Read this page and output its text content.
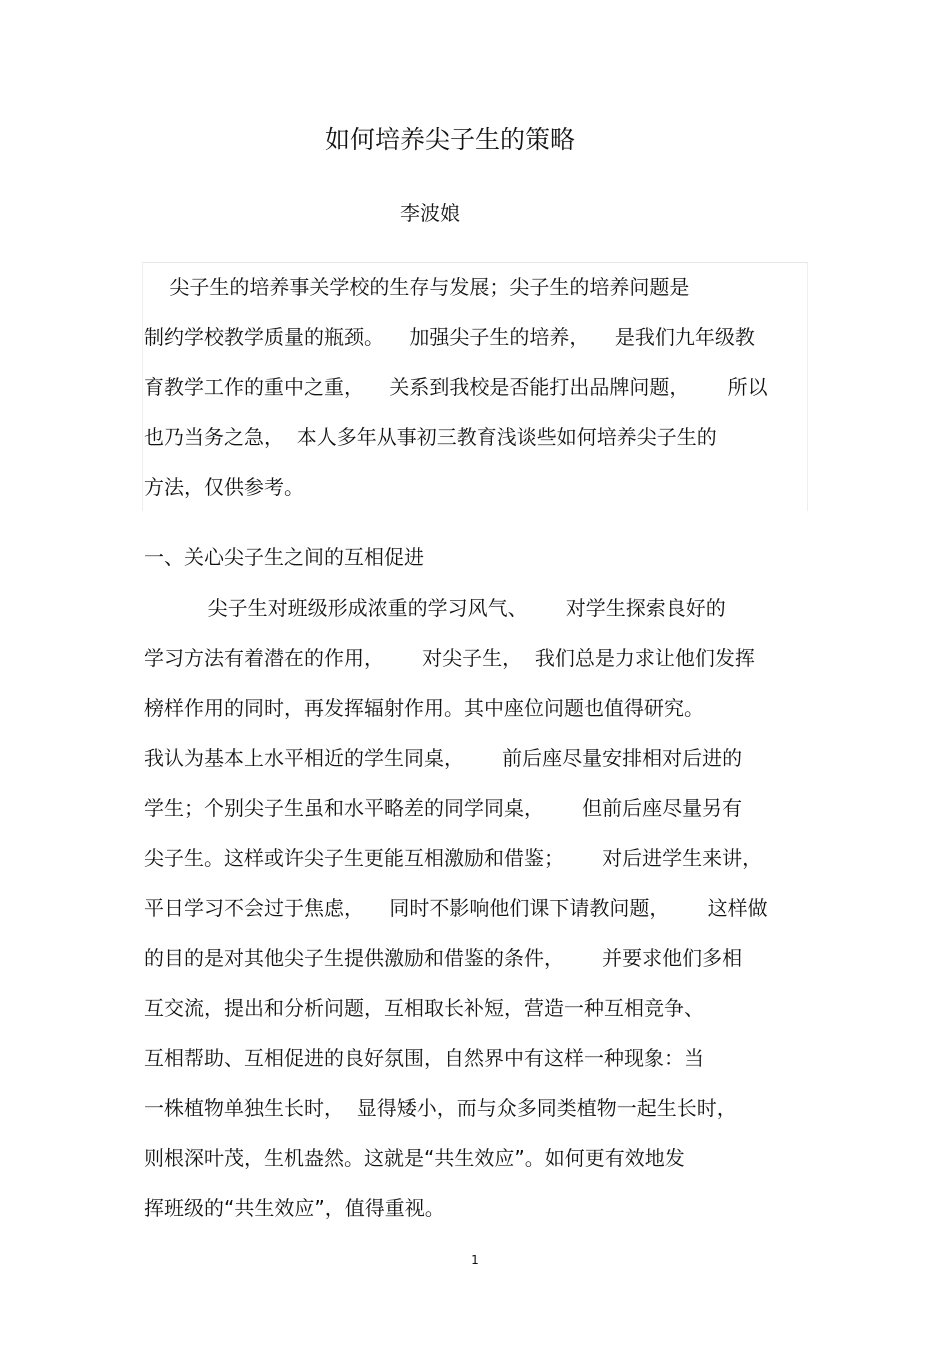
如何培养尖子生的策略
李波娘
尖子生的培养事关学校的生存与发展；尖子生的培养问题是
制约学校教学质量的瓶颈。    加强尖子生的培养，    是我们九年级教
育教学工作的重中之重，    关系到我校是否能打出品牌问题，      所以
也乃当务之急，  本人多年从事初三教育浅谈些如何培养尖子生的
方法，仅供参考。
一、关心尖子生之间的互相促进
尖子生对班级形成浓重的学习风气、      对学生探索良好的
学习方法有着潜在的作用，      对尖子生，  我们总是力求让他们发挥
榜样作用的同时，再发挥辐射作用。其中座位问题也值得研究。
我认为基本上水平相近的学生同桌，      前后座尽量安排相对后进的
学生；个别尖子生虽和水平略差的同学同桌，      但前后座尽量另有
尖子生。这样或许尖子生更能互相激励和借鉴；      对后进学生来讲，
平日学习不会过于焦虑，    同时不影响他们课下请教问题，      这样做
的目的是对其他尖子生提供激励和借鉴的条件，      并要求他们多相
互交流，提出和分析问题，互相取长补短，营造一种互相竞争、
互相帮助、互相促进的良好氛围，自然界中有这样一种现象：当
一株植物单独生长时，  显得矮小，而与众多同类植物一起生长时，
则根深叶茂，生机盎然。这就是“共生效应”。如何更有效地发
挥班级的“共生效应”，值得重视。
1
